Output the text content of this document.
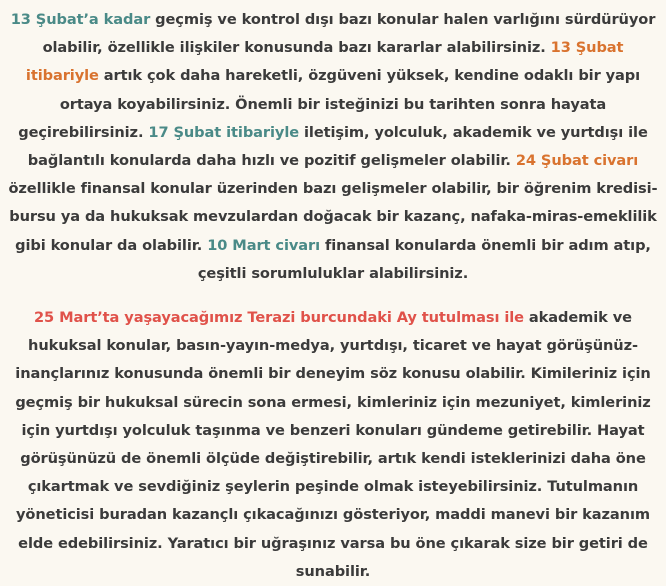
13 Şubat’a kadar geçmiş ve kontrol dışı bazı konular halen varlığını sürdürüyor olabilir, özellikle ilişkiler konusunda bazı kararlar alabilirsiniz. 13 Şubat itibariyle artık çok daha hareketli, özgüveni yüksek, kendine odaklı bir yapı ortaya koyabilirsiniz. Önemli bir isteğinizi bu tarihten sonra hayata geçirebilirsiniz. 17 Şubat itibariyle iletişim, yolculuk, akademik ve yurtdışı ile bağlantılı konularda daha hızlı ve pozitif gelişmeler olabilir. 24 Şubat civarı özellikle finansal konular üzerinden bazı gelişmeler olabilir, bir öğrenim kredisi-bursu ya da hukuksak mevzulardan doğacak bir kazanç, nafaka-miras-emeklilik gibi konular da olabilir. 10 Mart civarı finansal konularda önemli bir adım atıp, çeşitli sorumluluklar alabilirsiniz.

25 Mart’ta yaşayacağımız Terazi burcundaki Ay tutulması ile akademik ve hukuksal konular, basın-yayın-medya, yurtdışı, ticaret ve hayat görüşünüz-inançlarınız konusunda önemli bir deneyim söz konusu olabilir. Kimileriniz için geçmiş bir hukuksal sürecin sona ermesi, kimleriniz için mezuniyet, kimleriniz için yurtdışı yolculuk taşınma ve benzeri konuları gündeme getirebilir. Hayat görüşünüzü de önemli ölçüde değiştirebilir, artık kendi isteklerinizi daha öne çıkartmak ve sevdiğiniz şeylerin peşinde olmak isteyebilirsiniz. Tutulmanın yöneticisi buradan kazançlı çıkacağınızı gösteriyor, maddi manevi bir kazanım elde edebilirsiniz. Yaratıcı bir uğraşınız varsa bu öne çıkarak size bir getiri de sunabilir.
